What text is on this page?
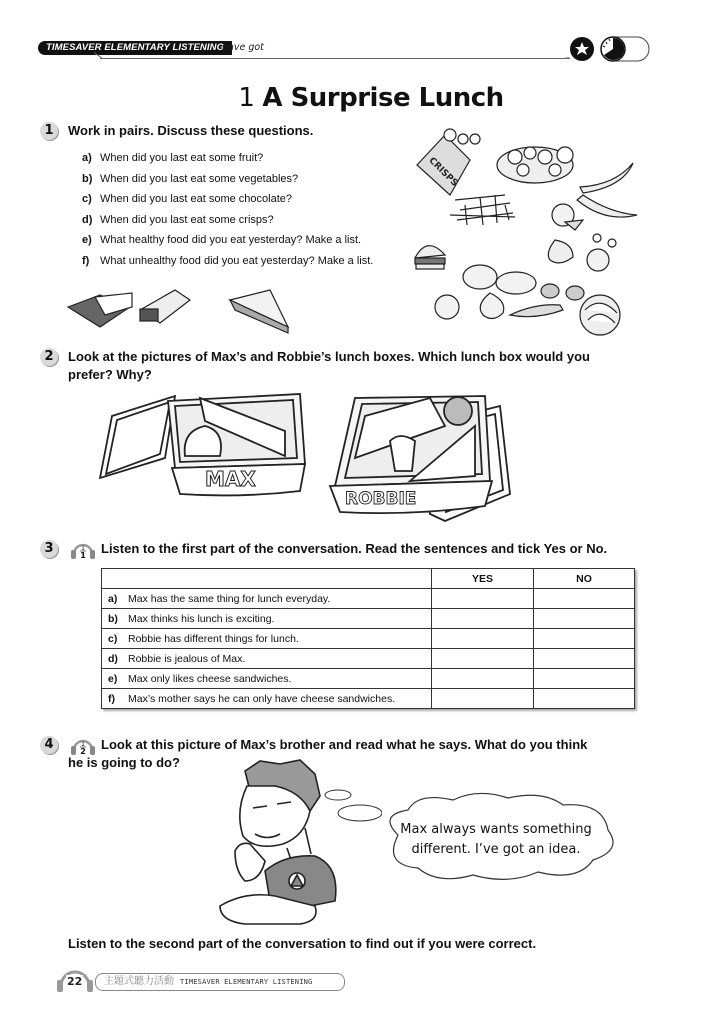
TIMESAVER ELEMENTARY LISTENING
have got
1 A Surprise Lunch
1	Work in pairs. Discuss these questions.
a) When did you last eat some fruit?
b) When did you last eat some vegetables?
c) When did you last eat some chocolate?
d) When did you last eat some crisps?
e) What healthy food did you eat yesterday? Make a list.
f) What unhealthy food did you eat yesterday? Make a list.
CRISPS
2	Look at the pictures of Max’s and Robbie’s lunch boxes. Which lunch box would you
prefer? Why?
MAX
ROBBIE
3	1
1 Listen to the first part of the conversation. Read the sentences and tick Yes or No.
	YES	NO
a) Max has the same thing for lunch everyday.		
b) Max thinks his lunch is exciting.		
c) Robbie has different things for lunch.		
d) Robbie is jealous of Max.		
e) Max only likes cheese sandwiches.		
f) Max’s mother says he can only have cheese sandwiches.		
4	1
2 Look at this picture of Max’s brother and read what he says. What do you think
he is going to do?
Max always wants something
different. I’ve got an idea.
Listen to the second part of the conversation to find out if you were correct.
22	主題式聽力活動 TIMESAVER ELEMENTARY LISTENING
